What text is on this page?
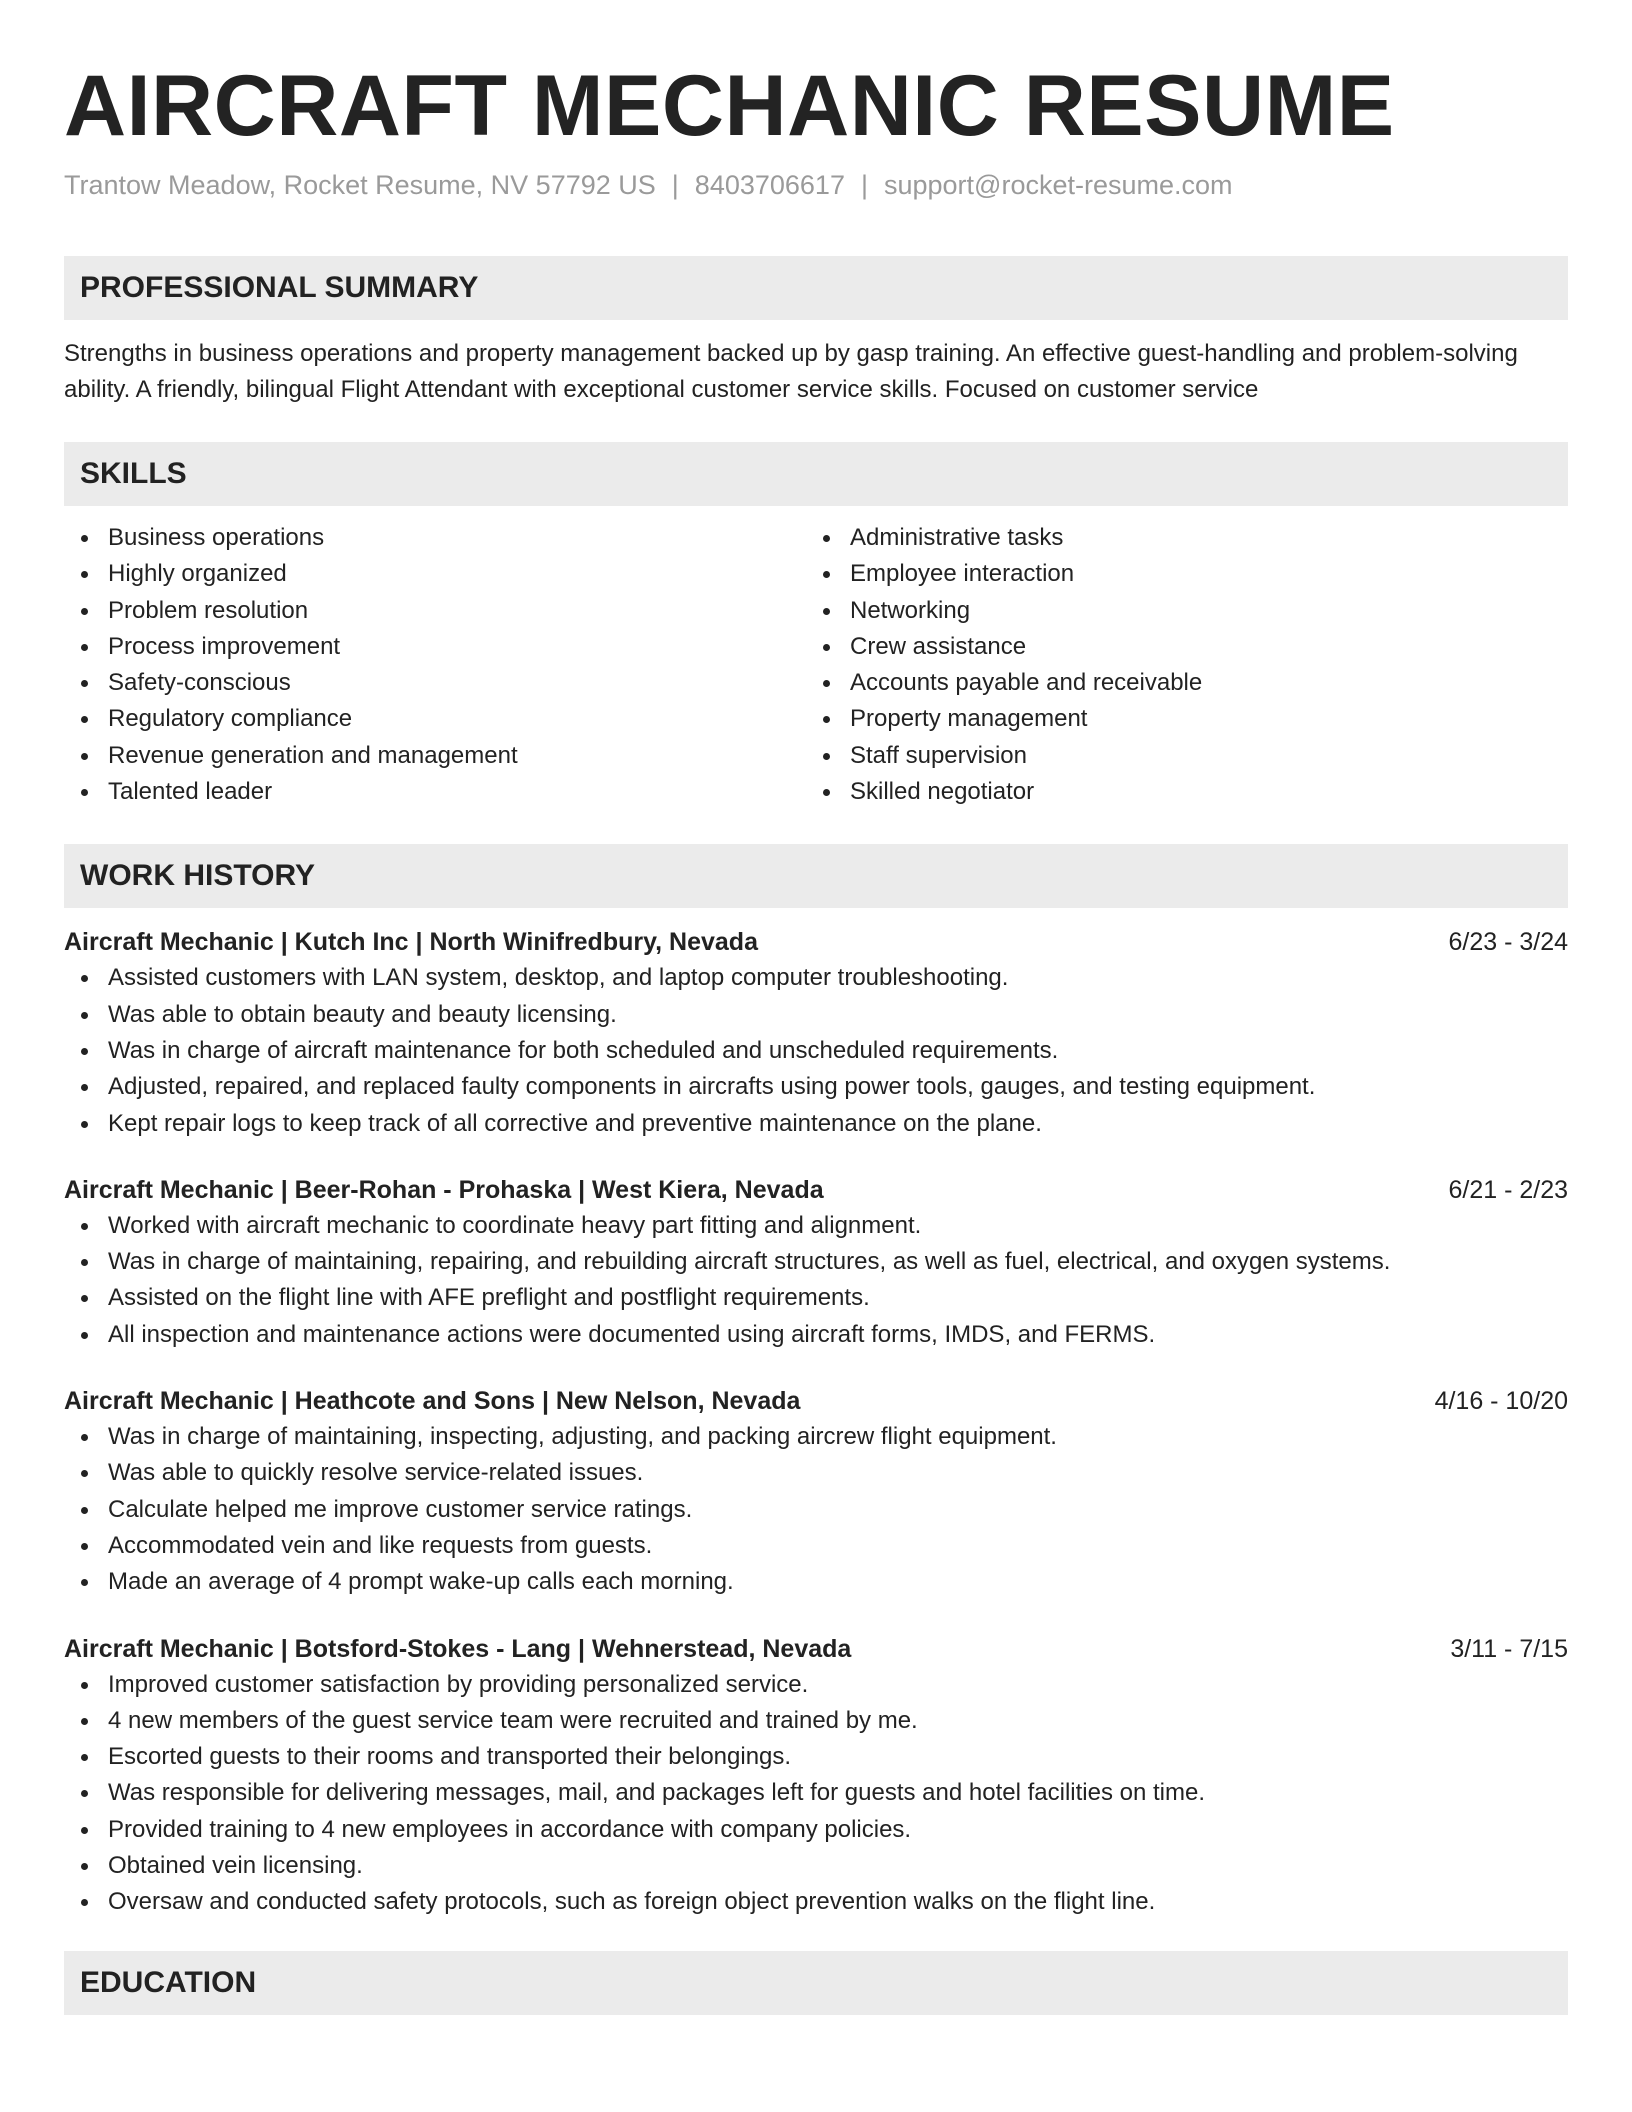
AIRCRAFT MECHANIC RESUME
Trantow Meadow, Rocket Resume, NV 57792 US | 8403706617 | support@rocket-resume.com
PROFESSIONAL SUMMARY

Strengths in business operations and property management backed up by gasp training. An effective guest-handling and problem-solving ability. A friendly, bilingual Flight Attendant with exceptional customer service skills. Focused on customer service

SKILLS
Business operations
Highly organized
Problem resolution
Process improvement
Safety-conscious
Regulatory compliance
Revenue generation and management
Talented leader
Administrative tasks
Employee interaction
Networking
Crew assistance
Accounts payable and receivable
Property management
Staff supervision
Skilled negotiator
WORK HISTORY
Aircraft Mechanic | Kutch Inc | North Winifredbury, Nevada	6/23 - 3/24
Assisted customers with LAN system, desktop, and laptop computer troubleshooting.
Was able to obtain beauty and beauty licensing.
Was in charge of aircraft maintenance for both scheduled and unscheduled requirements.
Adjusted, repaired, and replaced faulty components in aircrafts using power tools, gauges, and testing equipment.
Kept repair logs to keep track of all corrective and preventive maintenance on the plane.
Aircraft Mechanic | Beer-Rohan - Prohaska | West Kiera, Nevada	6/21 - 2/23
Worked with aircraft mechanic to coordinate heavy part fitting and alignment.
Was in charge of maintaining, repairing, and rebuilding aircraft structures, as well as fuel, electrical, and oxygen systems.
Assisted on the flight line with AFE preflight and postflight requirements.
All inspection and maintenance actions were documented using aircraft forms, IMDS, and FERMS.
Aircraft Mechanic | Heathcote and Sons | New Nelson, Nevada	4/16 - 10/20
Was in charge of maintaining, inspecting, adjusting, and packing aircrew flight equipment.
Was able to quickly resolve service-related issues.
Calculate helped me improve customer service ratings.
Accommodated vein and like requests from guests.
Made an average of 4 prompt wake-up calls each morning.
Aircraft Mechanic | Botsford-Stokes - Lang | Wehnerstead, Nevada	3/11 - 7/15
Improved customer satisfaction by providing personalized service.
4 new members of the guest service team were recruited and trained by me.
Escorted guests to their rooms and transported their belongings.
Was responsible for delivering messages, mail, and packages left for guests and hotel facilities on time.
Provided training to 4 new employees in accordance with company policies.
Obtained vein licensing.
Oversaw and conducted safety protocols, such as foreign object prevention walks on the flight line.
EDUCATION
